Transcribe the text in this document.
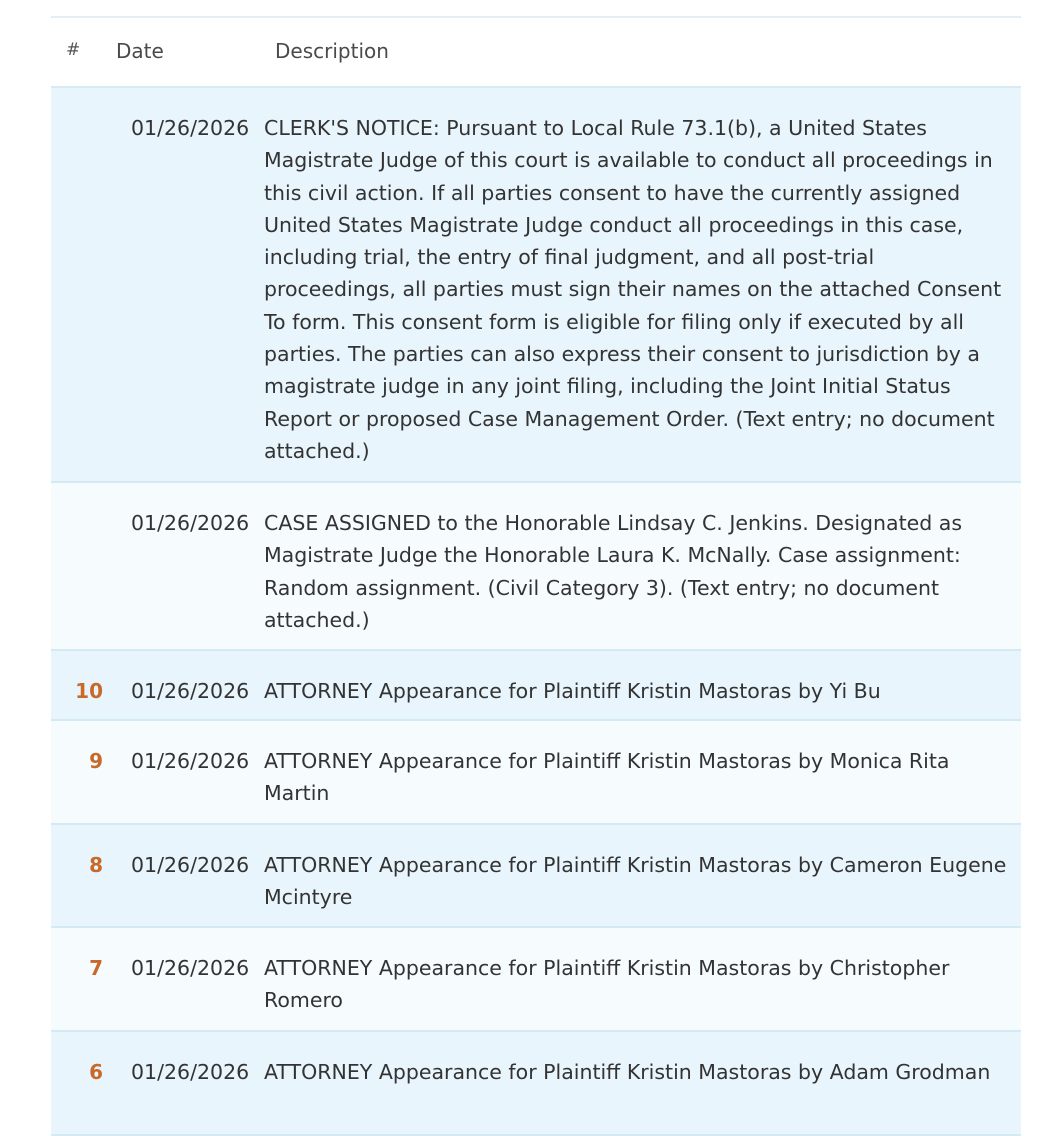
# Date	Description
01/26/2026 CLERK'S NOTICE: Pursuant to Local Rule 73.1(b), a United States Magistrate Judge of this court is available to conduct all proceedings in this civil action. If all parties consent to have the currently assigned United States Magistrate Judge conduct all proceedings in this case, including trial, the entry of final judgment, and all post-trial proceedings, all parties must sign their names on the attached Consent To form. This consent form is eligible for filing only if executed by all parties. The parties can also express their consent to jurisdiction by a magistrate judge in any joint filing, including the Joint Initial Status Report or proposed Case Management Order. (Text entry; no document attached.)
01/26/2026 CASE ASSIGNED to the Honorable Lindsay C. Jenkins. Designated as Magistrate Judge the Honorable Laura K. McNally. Case assignment: Random assignment. (Civil Category 3). (Text entry; no document attached.)
10 01/26/2026 ATTORNEY Appearance for Plaintiff Kristin Mastoras by Yi Bu
9 01/26/2026 ATTORNEY Appearance for Plaintiff Kristin Mastoras by Monica Rita Martin
8 01/26/2026 ATTORNEY Appearance for Plaintiff Kristin Mastoras by Cameron Eugene Mcintyre
7 01/26/2026 ATTORNEY Appearance for Plaintiff Kristin Mastoras by Christopher Romero
6 01/26/2026 ATTORNEY Appearance for Plaintiff Kristin Mastoras by Adam Grodman
